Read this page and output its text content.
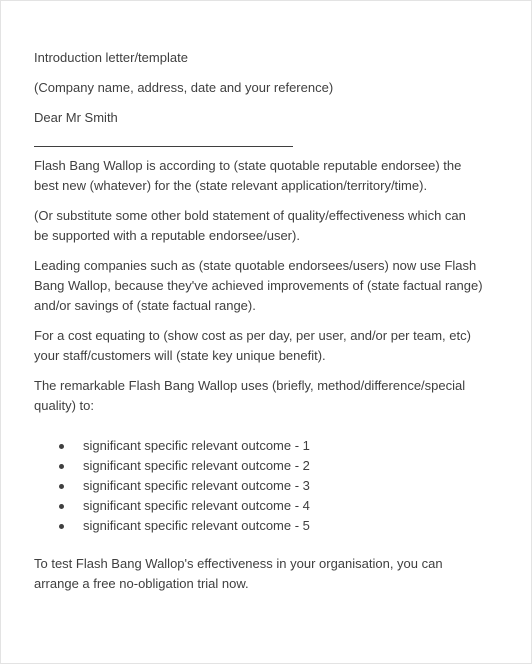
Introduction letter/template

(Company name, address, date and your reference)

Dear Mr Smith

Flash Bang Wallop is according to (state quotable reputable endorsee) the
best new (whatever) for the (state relevant application/territory/time).

(Or substitute some other bold statement of quality/effectiveness which can
be supported with a reputable endorsee/user).

Leading companies such as (state quotable endorsees/users) now use Flash
Bang Wallop, because they've achieved improvements of (state factual range)
and/or savings of (state factual range).

For a cost equating to (show cost as per day, per user, and/or per team, etc)
your staff/customers will (state key unique benefit).

The remarkable Flash Bang Wallop uses (briefly, method/difference/special
quality) to:

significant specific relevant outcome - 1
significant specific relevant outcome - 2
significant specific relevant outcome - 3
significant specific relevant outcome - 4
significant specific relevant outcome - 5

To test Flash Bang Wallop's effectiveness in your organisation, you can
arrange a free no-obligation trial now.
